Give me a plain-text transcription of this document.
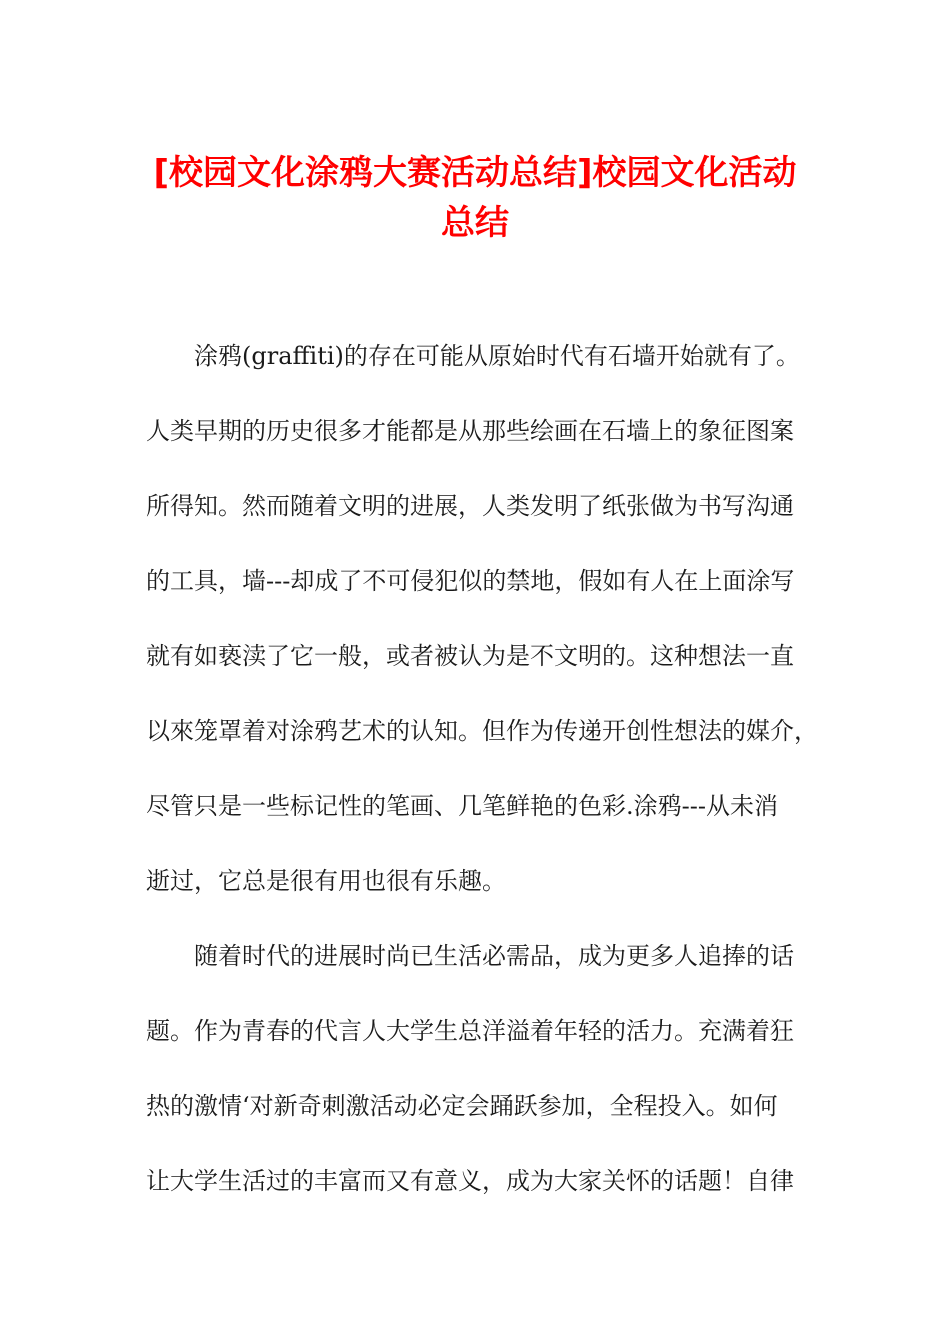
[校园文化涂鸦大赛活动总结]校园文化活动
总结
涂鸦(graffiti)的存在可能从原始时代有石墙开始就有了。
人类早期的历史很多才能都是从那些绘画在石墙上的象征图案
所得知。然而随着文明的进展，人类发明了纸张做为书写沟通
的工具，墙---却成了不可侵犯似的禁地，假如有人在上面涂写
就有如亵渎了它一般，或者被认为是不文明的。这种想法一直
以來笼罩着对涂鸦艺术的认知。但作为传递开创性想法的媒介，
尽管只是一些标记性的笔画、几笔鲜艳的色彩.涂鸦---从未消
逝过，它总是很有用也很有乐趣。
随着时代的进展时尚已生活必需品，成为更多人追捧的话
题。作为青春的代言人大学生总洋溢着年轻的活力。充满着狂
热的激情‘对新奇刺激活动必定会踊跃参加，全程投入。如何
让大学生活过的丰富而又有意义，成为大家关怀的话题！自律
